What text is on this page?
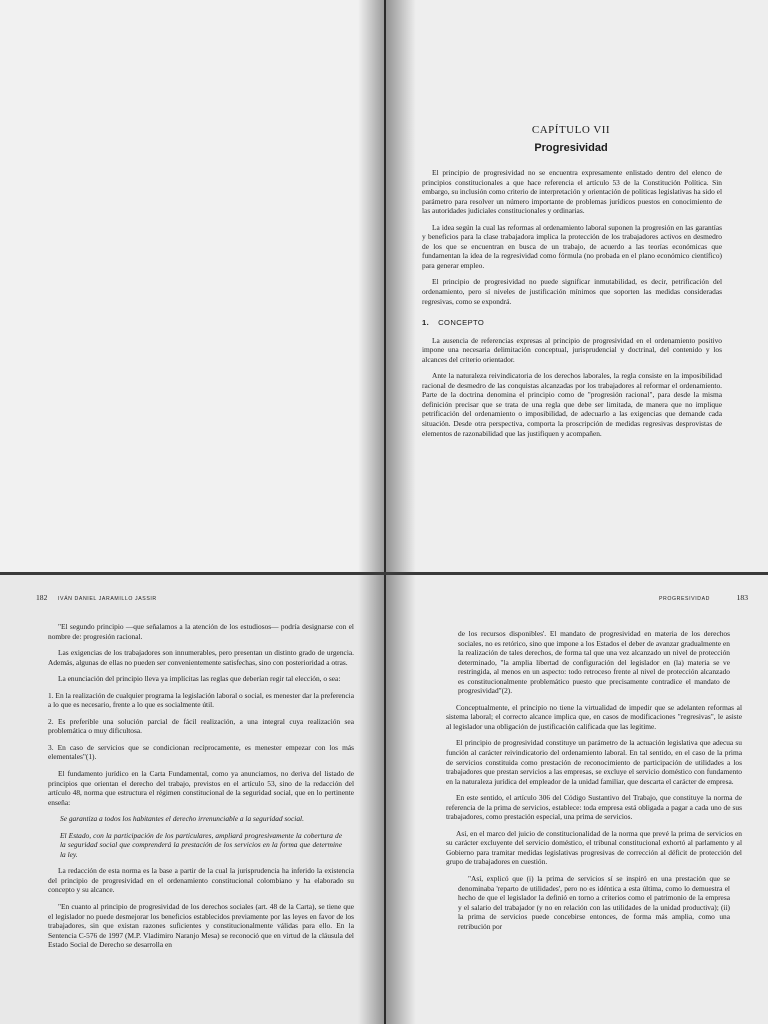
CAPÍTULO VII
Progresividad

El principio de progresividad no se encuentra expresamente enlistado dentro del elenco de principios constitucionales a que hace referencia el artículo 53 de la Constitución Política. Sin embargo, su inclusión como criterio de interpretación y orientación de políticas legislativas ha sido el parámetro para resolver un número importante de problemas jurídicos puestos en conocimiento de las autoridades judiciales constitucionales y ordinarias.

La idea según la cual las reformas al ordenamiento laboral suponen la progresión en las garantías y beneficios para la clase trabajadora implica la protección de los trabajadores activos en desmedro de los que se encuentran en busca de un trabajo, de acuerdo a las teorías económicas que fundamentan la idea de la regresividad como fórmula (no probada en el plano económico científico) para generar empleo.

El principio de progresividad no puede significar inmutabilidad, es decir, petrificación del ordenamiento, pero sí niveles de justificación mínimos que soporten las medidas consideradas regresivas, como se expondrá.

1. CONCEPTO

La ausencia de referencias expresas al principio de progresividad en el ordenamiento positivo impone una necesaria delimitación conceptual, jurisprudencial y doctrinal, del contenido y los alcances del criterio orientador.

Ante la naturaleza reivindicatoria de los derechos laborales, la regla consiste en la imposibilidad racional de desmedro de las conquistas alcanzadas por los trabajadores al reformar el ordenamiento. Parte de la doctrina denomina el principio como de "progresión racional", para desde la misma definición precisar que se trata de una regla que debe ser limitada, de manera que no implique petrificación del ordenamiento o imposibilidad, de adecuarlo a las exigencias que demande cada situación. Desde otra perspectiva, comporta la proscripción de medidas regresivas desprovistas de elementos de razonabilidad que las justifiquen y acompañen.

182 IVÁN DANIEL JARAMILLO JASSIR

"El segundo principio —que señalamos a la atención de los estudiosos— podría designarse con el nombre de: progresión racional.

Las exigencias de los trabajadores son innumerables, pero presentan un distinto grado de urgencia. Además, algunas de ellas no pueden ser convenientemente satisfechas, sino con posterioridad a otras.

La enunciación del principio lleva ya implícitas las reglas que deberían regir tal elección, o sea:

1. En la realización de cualquier programa la legislación laboral o social, es menester dar la preferencia a lo que es necesario, frente a lo que es socialmente útil.

2. Es preferible una solución parcial de fácil realización, a una integral cuya realización sea problemática o muy dificultosa.

3. En caso de servicios que se condicionan recíprocamente, es menester empezar con los más elementales"(1).

El fundamento jurídico en la Carta Fundamental, como ya anunciamos, no deriva del listado de principios que orientan el derecho del trabajo, previstos en el artículo 53, sino de la redacción del artículo 48, norma que estructura el régimen constitucional de la seguridad social, que en lo pertinente enseña:

Se garantiza a todos los habitantes el derecho irrenunciable a la seguridad social.

El Estado, con la participación de los particulares, ampliará progresivamente la cobertura de la seguridad social que comprenderá la prestación de los servicios en la forma que determine la ley.

La redacción de esta norma es la base a partir de la cual la jurisprudencia ha inferido la existencia del principio de progresividad en el ordenamiento constitucional colombiano y ha elaborado su concepto y su alcance.

"En cuanto al principio de progresividad de los derechos sociales (art. 48 de la Carta), se tiene que el legislador no puede desmejorar los beneficios establecidos previamente por las leyes en favor de los trabajadores, sin que existan razones suficientes y constitucionalmente válidas para ello. En la Sentencia C-576 de 1997 (M.P. Vladimiro Naranjo Mesa) se reconoció que en virtud de la cláusula del Estado Social de Derecho se desarrolla en

PROGRESIVIDAD	183

de los recursos disponibles'. El mandato de progresividad en materia de los derechos sociales, no es retórico, sino que impone a los Estados el deber de avanzar gradualmente en la realización de tales derechos, de forma tal que una vez alcanzado un nivel de protección determinado, "la amplia libertad de configuración del legislador en (la) materia se ve restringida, al menos en un aspecto: todo retroceso frente al nivel de protección alcanzado es constitucionalmente problemático puesto que precisamente contradice el mandato de progresividad"(2).

Conceptualmente, el principio no tiene la virtualidad de impedir que se adelanten reformas al sistema laboral; el correcto alcance implica que, en casos de modificaciones "regresivas", le asiste al legislador una obligación de justificación calificada que las legitime.

El principio de progresividad constituye un parámetro de la actuación legislativa que adecua su función al carácter reivindicatorio del ordenamiento laboral. En tal sentido, en el caso de la prima de servicios constituida como prestación de reconocimiento de participación de utilidades a los trabajadores que prestan servicios a las empresas, se excluye el servicio doméstico con fundamento en la naturaleza jurídica del empleador de la unidad familiar, que descarta el carácter de empresa.

En este sentido, el artículo 306 del Código Sustantivo del Trabajo, que constituye la norma de referencia de la prima de servicios, establece: toda empresa está obligada a pagar a cada uno de sus trabajadores, como prestación especial, una prima de servicios.

Así, en el marco del juicio de constitucionalidad de la norma que prevé la prima de servicios en su carácter excluyente del servicio doméstico, el tribunal constitucional exhortó al parlamento y al Gobierno para tramitar medidas legislativas progresivas de corrección al déficit de protección del grupo de trabajadores en cuestión.

"Así, explicó que (i) la prima de servicios sí se inspiró en una prestación que se denominaba 'reparto de utilidades', pero no es idéntica a esta última, como lo demuestra el hecho de que el legislador la definió en torno a criterios como el patrimonio de la empresa y el salario del trabajador (y no en relación con las utilidades de la unidad productiva); (ii) la prima de servicios puede concebirse entonces, de forma más amplia, como una retribución por
